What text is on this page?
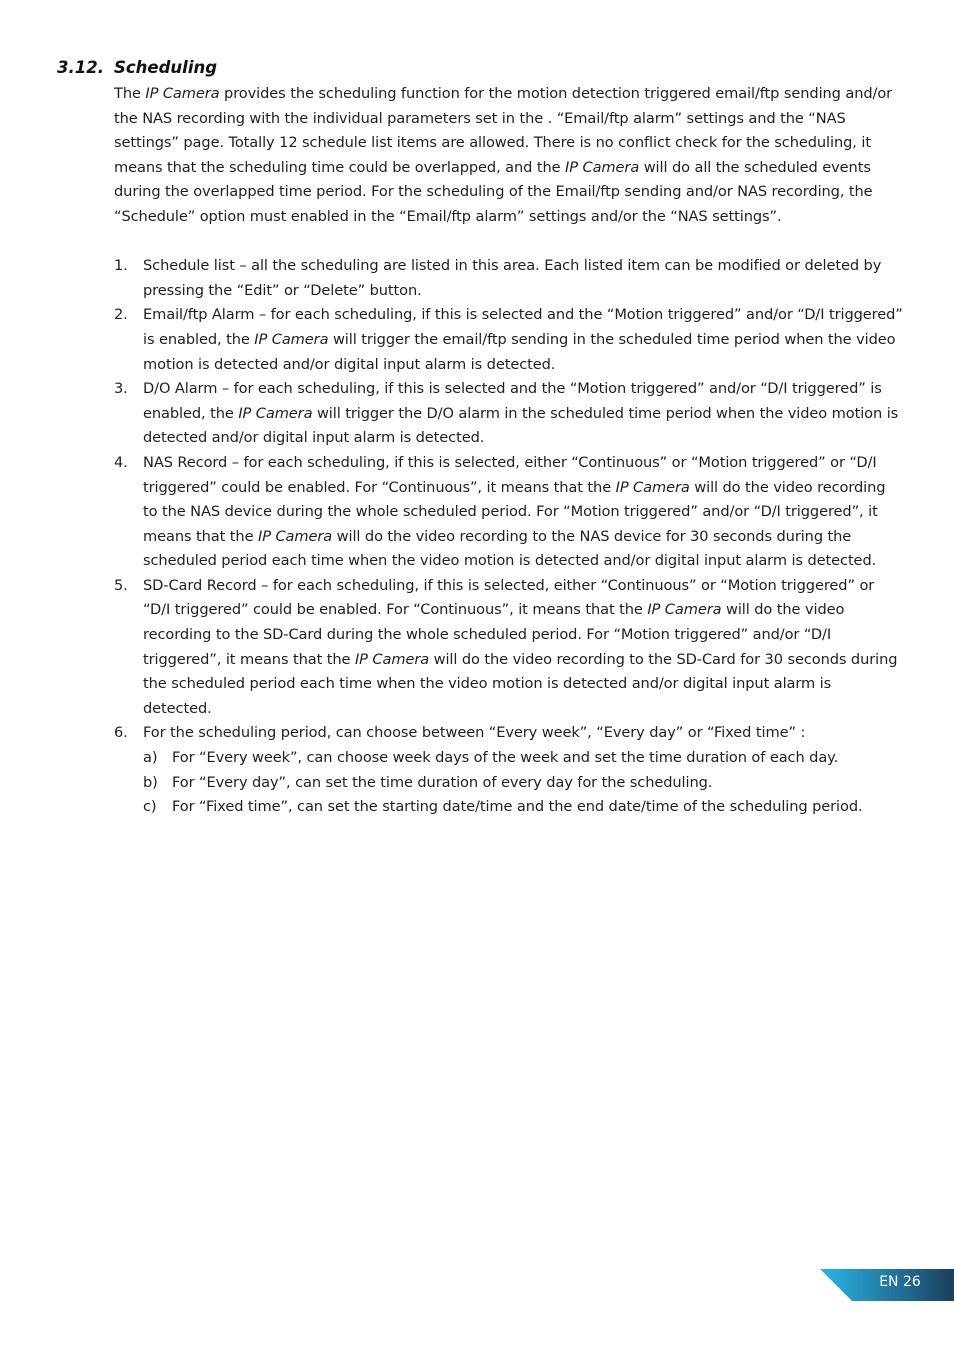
3.12. Scheduling

The IP Camera provides the scheduling function for the motion detection triggered email/ftp sending and/or the NAS recording with the individual parameters set in the . “Email/ftp alarm” settings and the “NAS settings” page. Totally 12 schedule list items are allowed. There is no conflict check for the scheduling, it means that the scheduling time could be overlapped, and the IP Camera will do all the scheduled events during the overlapped time period. For the scheduling of the Email/ftp sending and/or NAS recording, the “Schedule” option must enabled in the “Email/ftp alarm” settings and/or the “NAS settings”.

1. Schedule list – all the scheduling are listed in this area. Each listed item can be modified or deleted by pressing the “Edit” or “Delete” button.
2. Email/ftp Alarm – for each scheduling, if this is selected and the “Motion triggered” and/or “D/I triggered” is enabled, the IP Camera will trigger the email/ftp sending in the scheduled time period when the video motion is detected and/or digital input alarm is detected.
3. D/O Alarm – for each scheduling, if this is selected and the “Motion triggered” and/or “D/I triggered” is enabled, the IP Camera will trigger the D/O alarm in the scheduled time period when the video motion is detected and/or digital input alarm is detected.
4. NAS Record – for each scheduling, if this is selected, either “Continuous” or “Motion triggered” or “D/I triggered” could be enabled. For “Continuous”, it means that the IP Camera will do the video recording to the NAS device during the whole scheduled period. For “Motion triggered” and/or “D/I triggered”, it means that the IP Camera will do the video recording to the NAS device for 30 seconds during the scheduled period each time when the video motion is detected and/or digital input alarm is detected.
5. SD-Card Record – for each scheduling, if this is selected, either “Continuous” or “Motion triggered” or “D/I triggered” could be enabled. For “Continuous”, it means that the IP Camera will do the video recording to the SD-Card during the whole scheduled period. For “Motion triggered” and/or “D/I triggered”, it means that the IP Camera will do the video recording to the SD-Card for 30 seconds during the scheduled period each time when the video motion is detected and/or digital input alarm is detected.
6. For the scheduling period, can choose between “Every week”, “Every day” or “Fixed time” :
a) For “Every week”, can choose week days of the week and set the time duration of each day.
b) For “Every day”, can set the time duration of every day for the scheduling.
c) For “Fixed time”, can set the starting date/time and the end date/time of the scheduling period.
EN 26
